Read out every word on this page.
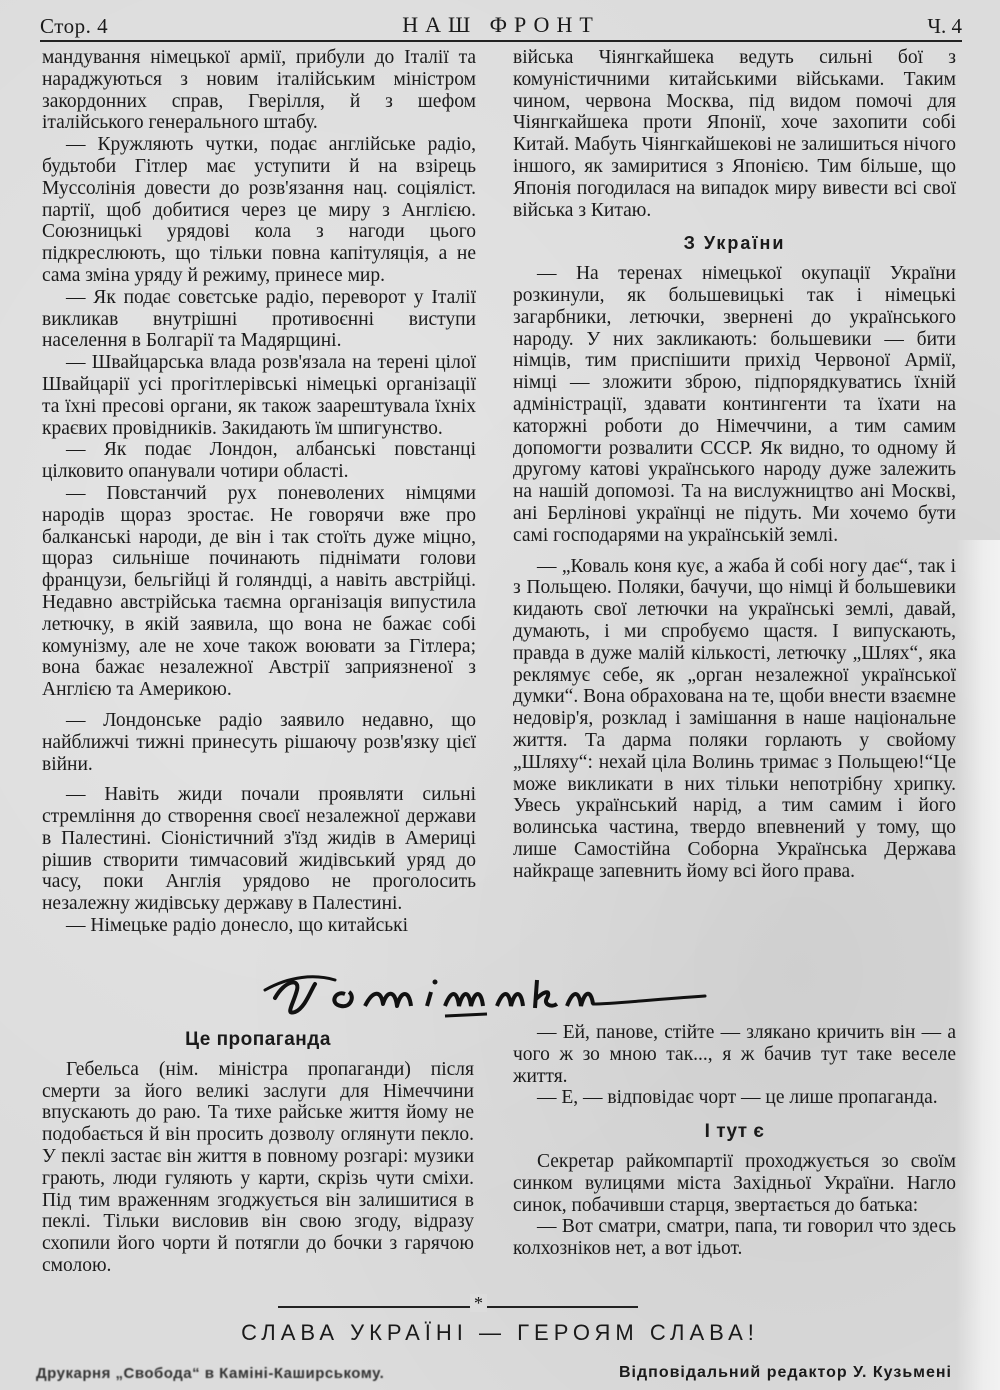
Стор. 4	НАШ ФРОНТ	Ч. 4

мандування німецької армії, прибули до Італії та нараджуються з новим італійським міністром закордонних справ, Гверілля, й з шефом італійського генерального штабу.

— Кружляють чутки, подає англійське радіо, будьтоби Гітлер має уступити й на взірець Муссолінія довести до розв'язання нац. соціяліст. партії, щоб добитися через це миру з Англією. Союзницькі урядові кола з нагоди цього підкреслюють, що тільки повна капітуляція, а не сама зміна уряду й режиму, принесе мир.

— Як подає совєтське радіо, переворот у Італії викликав внутрішні противоєнні виступи населення в Болгарії та Мадярщині.

— Швайцарська влада розв'язала на терені цілої Швайцарії усі прогітлерівські німецькі організації та їхні пресові органи, як також заарештувала їхніх краєвих провідників. Закидають їм шпигунство.

— Як подає Лондон, албанські повстанці цілковито опанували чотири області.

— Повстанчий рух поневолених німцями народів щораз зростає. Не говорячи вже про балканські народи, де він і так стоїть дуже міцно, щораз сильніше починають піднімати голови французи, бельгійці й голяндці, а навіть австрійці. Недавно австрійська таємна організація випустила летючку, в якій заявила, що вона не бажає собі комунізму, але не хоче також воювати за Гітлера; вона бажає незалежної Австрії заприязненої з Англією та Америкою.

— Лондонське радіо заявило недавно, що найближчі тижні принесуть рішаючу розв'язку цієї війни.

— Навіть жиди почали проявляти сильні стремління до створення своєї незалежної держави в Палестині. Сіоністичний з'їзд жидів в Америці рішив створити тимчасовий жидівський уряд до часу, поки Англія урядово не проголосить незалежну жидівську державу в Палестині.

— Німецьке радіо донесло, що китайські

війська Чіянгкайшека ведуть сильні бої з комуністичними китайськими військами. Таким чином, червона Москва, під видом помочі для Чіянгкайшека проти Японії, хоче захопити собі Китай. Мабуть Чіянгкайшекові не залишиться нічого іншого, як замиритися з Японією. Тим більше, що Японія погодилася на випадок миру вивести всі свої війська з Китаю.

З України

— На теренах німецької окупації України розкинули, як большевицькі так і німецькі загарбники, летючки, звернені до українського народу. У них закликають: большевики — бити німців, тим приспішити прихід Червоної Армії, німці — зложити зброю, підпорядкуватись їхній адміністрації, здавати контингенти та їхати на каторжні роботи до Німеччини, а тим самим допомогти розвалити СССР. Як видно, то одному й другому катові українського народу дуже залежить на нашій допомозі. Та на вислужництво ані Москві, ані Берлінові українці не підуть. Ми хочемо бути самі господарями на українській землі.

— „Коваль коня кує, а жаба й собі ногу дає“, так і з Польщею. Поляки, бачучи, що німці й большевики кидають свої летючки на українські землі, давай, думають, і ми спробуємо щастя. І випускають, правда в дуже малій кількості, летючку „Шлях“, яка реклямує себе, як „орган незалежної української думки“. Вона обрахована на те, щоби внести взаємне недовір'я, розклад і замішання в наше національне життя. Та дарма поляки горлають у свойому „Шляху“: нехай ціла Волинь тримає з Польщею!“Це може викликати в них тільки непотрібну хрипку. Увесь український нарід, а тим самим і його волинська частина, твердо впевнений у тому, що лише Самостійна Соборна Українська Держава найкраще запевнить йому всі його права.

Це пропаганда

Гебельса (нім. міністра пропаганди) після смерти за його великі заслуги для Німеччини впускають до раю. Та тихе райське життя йому не подобається й він просить дозволу оглянути пекло. У пеклі застає він життя в повному розгарі: музики грають, люди гуляють у карти, скрізь чути сміхи. Під тим враженням згоджується він залишитися в пеклі. Тільки висловив він свою згоду, відразу схопили його чорти й потягли до бочки з гарячою смолою.

— Ей, панове, стійте — злякано кричить він — а чого ж зо мною так..., я ж бачив тут таке веселе життя.

— Е, — відповідає чорт — це лише пропаганда.

І тут є

Секретар райкомпартії проходжується зо своїм синком вулицями міста Західньої України. Нагло синок, побачивши старця, звертається до батька:

— Вот сматри, сматри, папа, ти говорил что здесь колхозніков нет, а вот ідьот.

*
СЛАВА УКРАЇНІ — ГЕРОЯМ СЛАВА!
Друкарня „Свобода“ в Каміні-Каширському.	Відповідальний редактор У. Кузьмені
